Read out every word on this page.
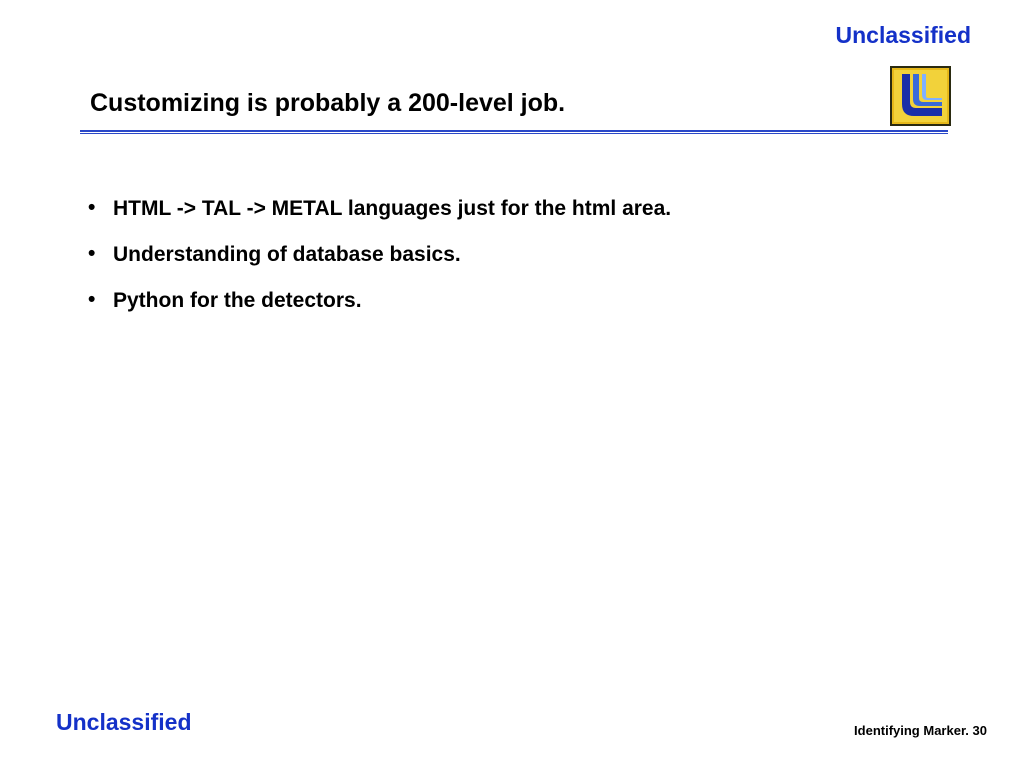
Unclassified
Customizing is probably a 200-level job.
• HTML -> TAL -> METAL languages just for the html area.
• Understanding of database basics.
• Python for the detectors.
Unclassified	Identifying Marker. 30
